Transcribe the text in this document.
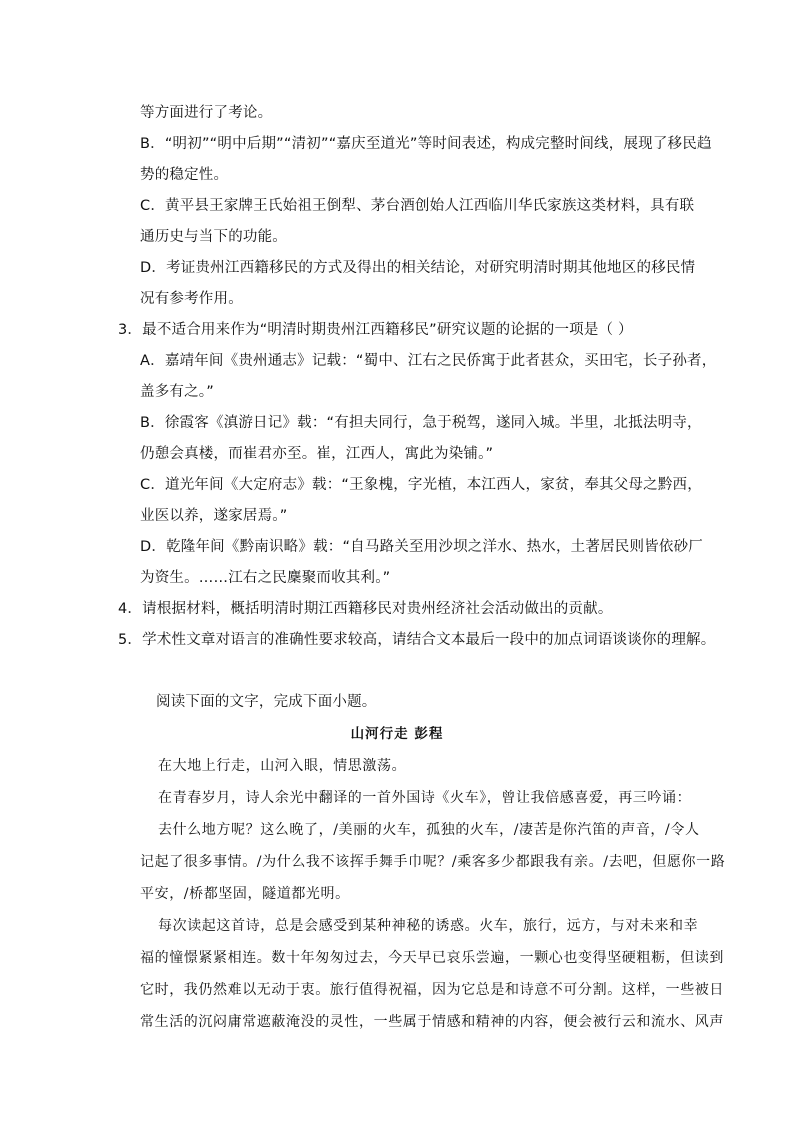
等方面进行了考论。
B．“明初”“明中后期”“清初”“嘉庆至道光”等时间表述，构成完整时间线，展现了移民趋
势的稳定性。
C．黄平县王家牌王氏始祖王倒犁、茅台酒创始人江西临川华氏家族这类材料，具有联
通历史与当下的功能。
D．考证贵州江西籍移民的方式及得出的相关结论，对研究明清时期其他地区的移民情
况有参考作用。
3．最不适合用来作为“明清时期贵州江西籍移民”研究议题的论据的一项是（ ）
A．嘉靖年间《贵州通志》记载：“蜀中、江右之民侨寓于此者甚众，买田宅，长子孙者，
盖多有之。”
B．徐霞客《滇游日记》载：“有担夫同行，急于税驾，遂同入城。半里，北抵法明寺，
仍憩会真楼，而崔君亦至。崔，江西人，寓此为染铺。”
C．道光年间《大定府志》载：“王象槐，字光植，本江西人，家贫，奉其父母之黔西，
业医以养，遂家居焉。”
D．乾隆年间《黔南识略》载：“自马路关至用沙坝之洋水、热水，土著居民则皆依砂厂
为资生。……江右之民麇聚而收其利。”
4．请根据材料，概括明清时期江西籍移民对贵州经济社会活动做出的贡献。
5．学术性文章对语言的准确性要求较高，请结合文本最后一段中的加点词语谈谈你的理解。
阅读下面的文字，完成下面小题。
山河行走 彭程
在大地上行走，山河入眼，情思激荡。
在青春岁月，诗人余光中翻译的一首外国诗《火车》，曾让我倍感喜爱，再三吟诵：
去什么地方呢？这么晚了，/美丽的火车，孤独的火车，/凄苦是你汽笛的声音，/令人
记起了很多事情。/为什么我不该挥手舞手巾呢？/乘客多少都跟我有亲。/去吧，但愿你一路
平安，/桥都坚固，隧道都光明。
每次读起这首诗，总是会感受到某种神秘的诱惑。火车，旅行，远方，与对未来和幸
福的憧憬紧紧相连。数十年匆匆过去，今天早已哀乐尝遍，一颗心也变得坚硬粗粝，但读到
它时，我仍然难以无动于衷。旅行值得祝福，因为它总是和诗意不可分割。这样，一些被日
常生活的沉闷庸常遮蔽淹没的灵性，一些属于情感和精神的内容，便会被行云和流水、风声
